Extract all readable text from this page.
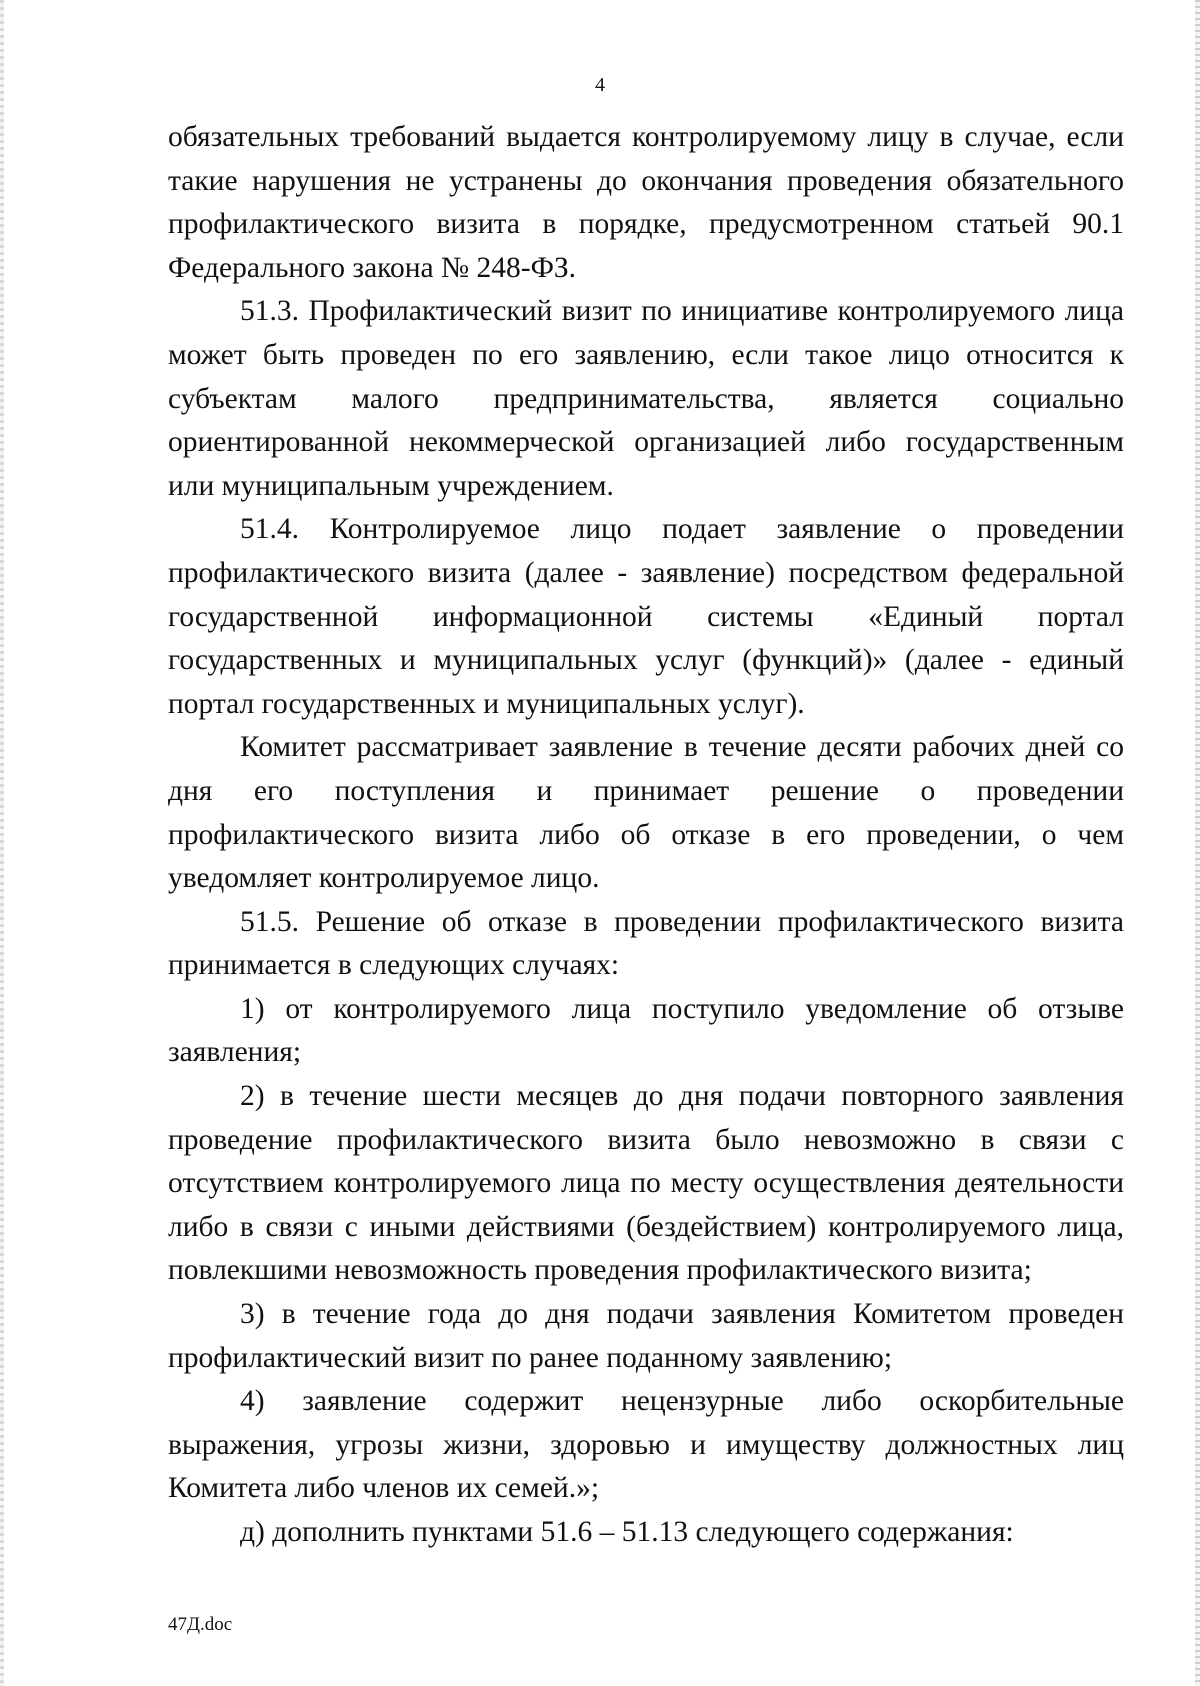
4

обязательных требований выдается контролируемому лицу в случае, если такие нарушения не устранены до окончания проведения обязательного профилактического визита в порядке, предусмотренном статьей 90.1 Федерального закона № 248-ФЗ.

51.3. Профилактический визит по инициативе контролируемого лица может быть проведен по его заявлению, если такое лицо относится к субъектам малого предпринимательства, является социально ориентированной некоммерческой организацией либо государственным или муниципальным учреждением.

51.4. Контролируемое лицо подает заявление о проведении профилактического визита (далее - заявление) посредством федеральной государственной информационной системы «Единый портал государственных и муниципальных услуг (функций)» (далее - единый портал государственных и муниципальных услуг).

Комитет рассматривает заявление в течение десяти рабочих дней со дня его поступления и принимает решение о проведении профилактического визита либо об отказе в его проведении, о чем уведомляет контролируемое лицо.

51.5. Решение об отказе в проведении профилактического визита принимается в следующих случаях:

1) от контролируемого лица поступило уведомление об отзыве заявления;

2) в течение шести месяцев до дня подачи повторного заявления проведение профилактического визита было невозможно в связи с отсутствием контролируемого лица по месту осуществления деятельности либо в связи с иными действиями (бездействием) контролируемого лица, повлекшими невозможность проведения профилактического визита;

3) в течение года до дня подачи заявления Комитетом проведен профилактический визит по ранее поданному заявлению;

4) заявление содержит нецензурные либо оскорбительные выражения, угрозы жизни, здоровью и имуществу должностных лиц Комитета либо членов их семей.»;

д) дополнить пунктами 51.6 – 51.13 следующего содержания:

47Д.doc
